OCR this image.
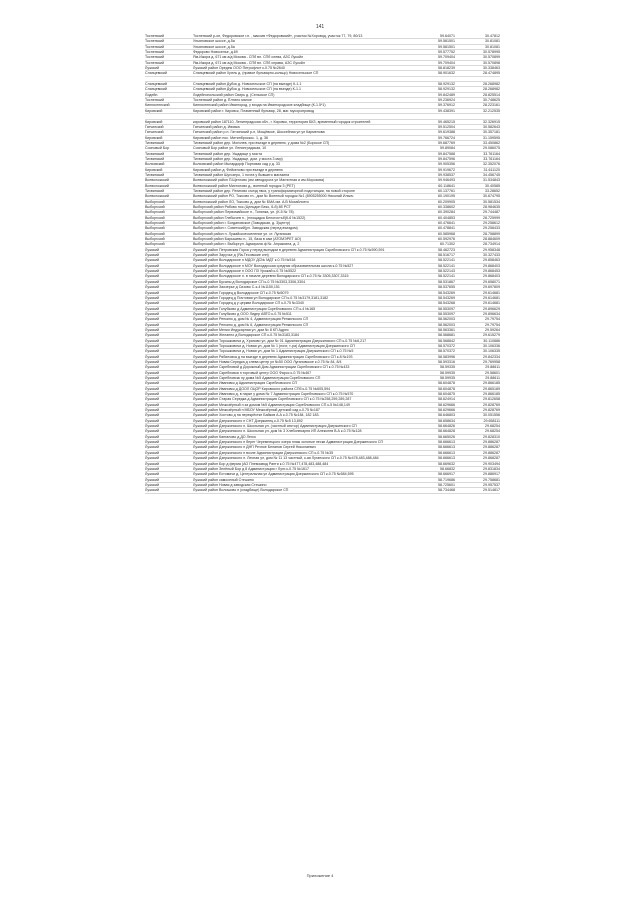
141
Тосненский	Тосненский р-он, Федоровское г.п. , массив «Федоровский», участок №Хоровод, участок 77, 79, 80/13	59.64071	30.47812
Тосненский	Ульяновское шоссе, д.5а	59.581501	30.81081
Тосненский	Ульяновское шоссе, д.5а	59.581501	30.81081
Тосненский	Федорово Новоселье, д.69	59.577752	30.578995
Тосненский	Ям-Ижора д. 671 км а/д Москва - СПб вл. СПб слева, АЗС Лукойл	59.709404	30.570899
Тосненский	Ям-Ижора д. 671 км а/д Москва - СПб вл. СПб справа, АЗС Лукойл	59.709404	30.570898
Лужский	Лужский район Оредеж ООО Петрофлот к-0.75 №2640	58.818239	30.338463
Сланцевский	Сланцевский район Хрель д. (правое бульварно-кольцо) Новосельское СП	58.901632	28.474895

Сланцевский	Сланцевский район Дубок д. Новосельское СП (на выезде) К-1.1	58.929132	28.268982
Сланцевский	Сланцевский район Дубок д. Новосельское СП (на въезде) К-1.1	58.929132	28.268982
Лодейн.	Лодейнопольский район Свирь д. (Сельское СП)	59.842489	28.825514
Тосненский	Тосненский район д. Ёлтино малое	59.236924	30.748625
Кингисеппский	Кингисеппский район Ивангород, у входа на Ивангородское кладбище (К-1.5*1)	59.376912	28.223161
Кировский	Кировский район г. Кировск, Пламенный бульвар, 28, маг. мусоропровод	59.438391	32.212535

Кировский	кировский район 187110, Ленинградская обл., г. Кировск, территория БКЗ, временный городок строителей	59.465215	32.326915
Гатчинский	Гатчинский район д. Ивовка	59.512504	30.582643
Гатчинский	Гатчинский район р.п. Гатчинский р-н, Мощёвкое, Шоссейная ул ул Кармелова	59.619388	30.357181
Кировский	Кировский район пос. Митинброскос. 1, д. 36	59.766724	31.159595
Тихвинский	Тихвинский район дер. Могилев, при въезде в деревню, у дома №2 (Борское СП)	59.687769	33.450862
Сосновый Бор	Сосновый Бор район ул. Ленинградская, 10	59.89084	29.086075
Тихвинский	Тихвинский район дер. Ущадище у моста	59.847588	33.761164
Тихвинский	Тихвинский район дер. Ущадище, дом. у моста 3 мкр)	59.847596	33.761164
Волховский	Волховский район Мыгардорф Портовая сад у д. 33	59.905356	32.352076
Кировский	Кировский район д. Фейкелово при въезде в деревню	59.919672	31.611120
Тихвинский	Тихвинский район Шугозеро, 1 почта у бывшего магазина	59.938537	34.456745
Всеволожский	Всеволожский район П.Щеглово (им автодорога ул Магнитная и им.Морозова)	59.946493	31.534843
Всеволожский	Всеволожский район Мистолово д., военный городок 3 (РЕТ)	60.118641	30.40585
Тихвинский	Тихвинский район дер. Ратигово съезд нвоз, у трансформаторной подстанции, на новой стороне	60.137761	33.28652
Всеволожский	Всеволожский район РО, Токсово гп., дом № Военный городок №1 (8905255000 Николай Ильич	60.190195	30.674795
Выборгский	Всеволожский район ЛО, Токсово д. дом № БМА им. А.В Мохайлоего	60.209905	30.581534
Выборгский	Выборгский район Рябово пос.(Цельдин Беко, 6-й) 8б РСТ	60.338602	28.984635
Выборгский	Выборгский район Первомайское п., Топянка, ул. (К-5 № 78)	60.390284	29.744487
Выборгский	Выборгский район Глебычев п., (площадка Белогостьб(К-6 №1522)	60.404853	28.725999
Выборгский	Выборгский район г. Богдановское (Заводская, д. 3)центр)	60.476641	29.258612
Выборгский	Выборгский район г. Советский(ул. Заводская (перед въездом)	60.478841	29.258433
Выборгский	Выборгский район п. Лужайскоеоселение ул. ст. Луганская	60.585968	28.758899
Выборгский	Выборгский район Барышево п., 15, база в сам (АТОМЭРЕТ АО)	60.592976	28.884609
Выборгский	Выборгский район г. Выборгул. Адмирала ф №. Апраксина, д. 2	60.71302	28.734914
Лужский	Лужский район Петровская Горка у перед выездом в деревню Администрация Скребловского СП к-0.75 №590,591	58.462723	29.958348
Лужский	Лужский район Заручье д (Яа-Тесовские спп)	58.516717	30.327433
Лужский	Лужский район Володарское п МДОУ ДС№ МДТ к-0.75 №518	58.522141	29.858463
Лужский	Лужский район Володарское п МОУ Володарская средняя образовательная школа к-0.75 №527	58.522141	29.868403
Лужский	Лужский район Володарское п ООО ПЗ Урожай к-0.75 №5522	58.522143	29.868453
Лужский	Лужский район Володарское п. в начале деревни Володарского СП к-0.75 № 3305,3307,3315	58.522141	29.868403
Лужский	Лужский район Бусаны д Володарское СП к-0.75 №3303,3306,3304	58.531867	29.658071
Лужский	Лужский район Заозерье д Сизово С-к-4 №1150,151	58.537655	29.697809
Лужский	Лужский район Городец д Володарское СП к-0.75 №5079	58.543269	29.614681
Лужский	Лужский район Городец д Почтовая ул Володарское СП к-0.75 №3179,3181,3182	58.543269	29.614681
Лужский	Лужский район Городец д у церкви Володарское СП к-0.75 №3340	58.543268	29.614681
Лужский	Лужский район Голубково д Администрация Скребловского СП к-4 №165	58.553097	29.896629
Лужский	Лужский район Голубково д ООО Лидер АВТО к-0.75 №511	58.553097	29.896634
Лужский	Лужский район Репкино д, дом № 4, Администрация Репкинского СП	58.562003	29.79754
Лужский	Лужский район Репкино д, дом № 6, Администрация Репкинского СП	58.562003	29.79754
Лужский	Лужский район Мелки Индукарная ул, дом № 8 КП Адрес	58.563361	29.59264
Лужский	Лужский район Желанно д Володарское СП к-0.75 №3183,3184	58.568681	29.615279
Лужский	Лужский район Торошковичи д, Храпово ул, дом № 01 Администрация Дзержинского СП к-0.75 №6,217	58.568842	30.110886
Лужский	Лужский район Торошковичи д, Новая ул, дом № 1 (почт, т-ра) Администрация Дзержинского СП	58.570372	30.106336
Лужский	Лужский район Торошковичи д, Новая ул, дом № 1 Администрация Дзержинского СП к-0.75 №5	58.570372	30.106335
Лужский	Лужский район Рябиновка д на выезде в деревню Администрация Скребловского СП к-8 №193	58.583996	29.842334
Лужский	Лужский район Новая Середка д слева центр ул №50 ООО Лугановское к-0.75 № 84, 8/4	58.593316	29.769958
Лужский	Лужский район Скребловой д Дорожный Дом Администрации Скребловского СП к-0.75 №433	58.59335	29.88611
Лужский	Лужский район Скребловка п торговый центр ООО Фарос к-0.75 №467	58.59935	29.58601
Лужский	Лужский район Скребловскк пу дома №5 Администрация Скребловского СП	58.59935	29.88611
Лужский	Лужский район Ивановск д Администрация Скребловского СП	58.604878	29.866185
Лужский	Лужский район Ивановск д ДООЛ ОЦОР Кировского района СПб к-0.75 №605,594	58.604878	29.865189
Лужский	Лужский район Ивановск д, в парке у дома № 7 Администрация Скребловского СП к-0.75 №570	58.604875	29.866185
Лужский	Лужский район Старая Середка д Администрация Скребловского СП к-0.75 №258,259,289,287	58.624914	29.812658
Лужский	Лужский район Межозёрный п за домом №5 Администрация Скребловского СП к-5 №148,149	58.629666	29.828769
Лужский	Лужский район Межозёрный п МБОУ Межозёрный детский сад к-0.75 №187	58.629666	29.828769
Лужский	Лужский район Хостово д на перекрёстке Байков А.А к-0.75 №184, 182 183.	58.646803	30.051556
Лужский	Лужский район Дзержинского п СНТ Дзержинец к-0.75 №5 13,892	58.658634	29.658111
Лужский	Лужский район Дзержинского п. Школьная ул. (частный сектор) Администрация Дзержинского СП	58.664826	29.68254
Лужский	Лужский район Дзержинского п. Школьная ул. дом № 3 Хлебопекарня ИП Алексеев В.А к-0.75 №128	58.664828	29.68254
Лужский	Лужский район Капгалово д ДО Легко	58.665026	29.828310
Лужский	Лужский район Дзержинского п берег Черемнецкого озера пляж золотые пески Администрация Дзержинского СП	58.666613	29.886287
Лужский	Лужский район Дзержинского п ДНП Речное Беланов Сергей Николаевич	58.666613	29.886287
Лужский	Лужский район Дзержинского п возле Администрации Дзержинского СП к-0.75 №35	58.666613	29.886287
Лужский	Лужский район Дзержинского п. Лесная ул, дом № 11 13 частный, к-ая Луганского СП к-0.75 №478,483,488,484	58.666613	29.868287
Лужский	Лужский район Бор д ферма (АО Племзавод Рапти к-0.75 №477,478,483,488,484	58.669632	29.903494
Лужский	Лужский район Зелёный Бор д 8 Администрация г Луги к-0.75 №1617	58.66832	29.831834
Лужский	Лужский район Естомичи д, Центральная ул Администрация Дзержинского СП к-0.75 №584,595	58.666917	29.886917
Лужский	Лужский район самоселый Стешино	58.719686	29.758681
Лужский	Лужский район Новая д заводская Стешино	58.725601	29.957537
Лужский	Лужский район Волошово п (кладбище) Володарское СП	58.734468	29.514817
Приложение 4
